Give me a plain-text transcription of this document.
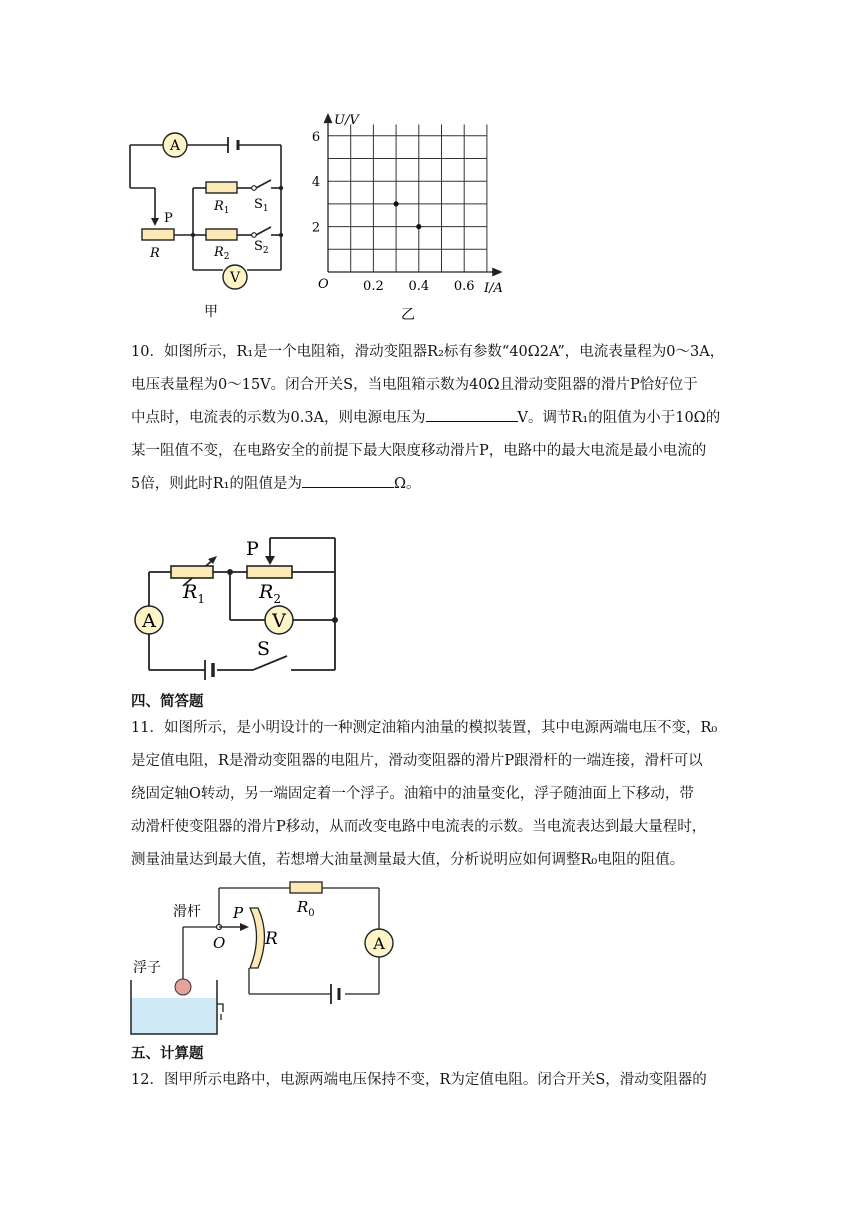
A
P
R
$R_1$ $S_1$
$R_2$
$S_2$
V
甲
2
4
6
0.2 0.4 0.6
U/V
I/A
O
乙
10．如图所示，R₁是一个电阻箱，滑动变阻器R₂标有参数“40Ω2A”，电流表量程为0～3A，
电压表量程为0～15V。闭合开关S，当电阻箱示数为40Ω且滑动变阻器的滑片P恰好位于
中点时，电流表的示数为0.3A，则电源电压为	V。调节R₁的阻值为小于10Ω的
某一阻值不变，在电路安全的前提下最大限度移动滑片P，电路中的最大电流是最小电流的
5倍，则此时R₁的阻值是为	Ω。
A	V
P
$R_1$	$R_2$
S
四、简答题
11．如图所示，是小明设计的一种测定油箱内油量的模拟装置，其中电源两端电压不变，R₀
是定值电阻，R是滑动变阻器的电阻片，滑动变阻器的滑片P跟滑杆的一端连接，滑杆可以
绕固定轴O转动，另一端固定着一个浮子。油箱中的油量变化，浮子随油面上下移动，带
动滑杆使变阻器的滑片P移动，从而改变电路中电流表的示数。当电流表达到最大量程时，
测量油量达到最大值，若想增大油量测量最大值，分析说明应如何调整R₀电阻的阻值。
A
滑杆
浮子
O
P
R
$R_0$
五、计算题
12．图甲所示电路中，电源两端电压保持不变，R为定值电阻。闭合开关S，滑动变阻器的
